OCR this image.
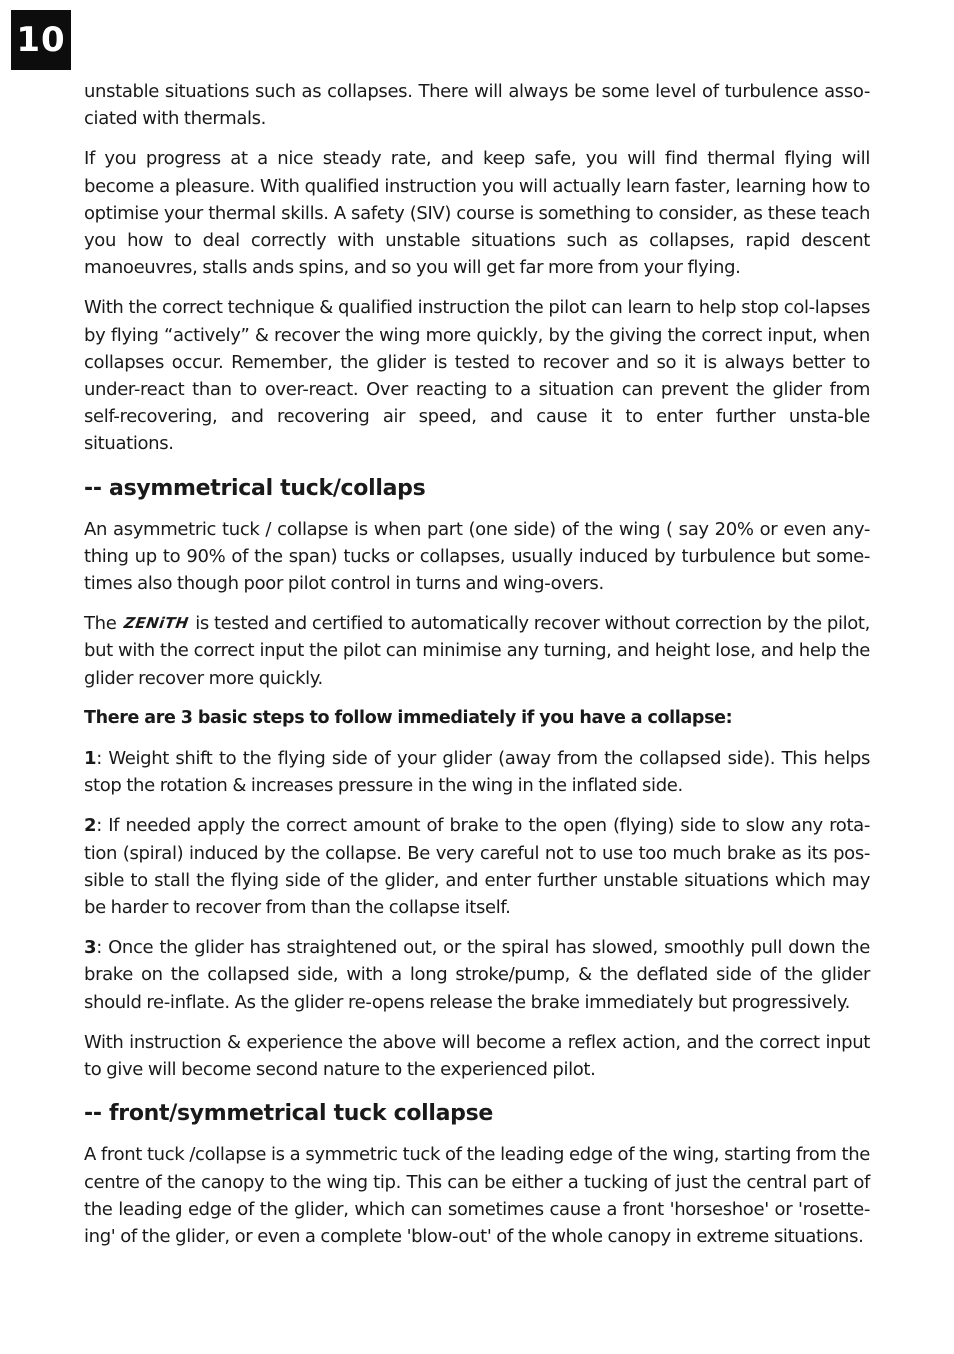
10

unstable situations such as collapses. There will always be some level of turbulence asso-ciated with thermals.

If you progress at a nice steady rate, and keep safe, you will find thermal flying will become a pleasure. With qualified instruction you will actually learn faster, learning how to optimise your thermal skills. A safety (SIV) course is something to consider, as these teach you how to deal correctly with unstable situations such as collapses, rapid descent manoeuvres, stalls ands spins, and so you will get far more from your flying.

With the correct technique & qualified instruction the pilot can learn to help stop col-lapses by flying “actively” & recover the wing more quickly, by the giving the correct input, when collapses occur. Remember, the glider is tested to recover and so it is always better to under-react than to over-react. Over reacting to a situation can prevent the glider from self-recovering, and recovering air speed, and cause it to enter further unsta-ble situations.

-- asymmetrical tuck/collaps

An asymmetric tuck / collapse is when part (one side) of the wing ( say 20% or even any-thing up to 90% of the span) tucks or collapses, usually induced by turbulence but some-times also though poor pilot control in turns and wing-overs.

The ZENiTH is tested and certified to automatically recover without correction by the pilot, but with the correct input the pilot can minimise any turning, and height lose, and help the glider recover more quickly.

There are 3 basic steps to follow immediately if you have a collapse:

1: Weight shift to the flying side of your glider (away from the collapsed side). This helps stop the rotation & increases pressure in the wing in the inflated side.

2: If needed apply the correct amount of brake to the open (flying) side to slow any rota-tion (spiral) induced by the collapse. Be very careful not to use too much brake as its pos-sible to stall the flying side of the glider, and enter further unstable situations which may be harder to recover from than the collapse itself.

3: Once the glider has straightened out, or the spiral has slowed, smoothly pull down the brake on the collapsed side, with a long stroke/pump, & the deflated side of the glider should re-inflate. As the glider re-opens release the brake immediately but progressively.

With instruction & experience the above will become a reflex action, and the correct input to give will become second nature to the experienced pilot.

-- front/symmetrical tuck collapse

A front tuck /collapse is a symmetric tuck of the leading edge of the wing, starting from the centre of the canopy to the wing tip. This can be either a tucking of just the central part of the leading edge of the glider, which can sometimes cause a front 'horseshoe' or 'rosette-ing' of the glider, or even a complete 'blow-out' of the whole canopy in extreme situations.
